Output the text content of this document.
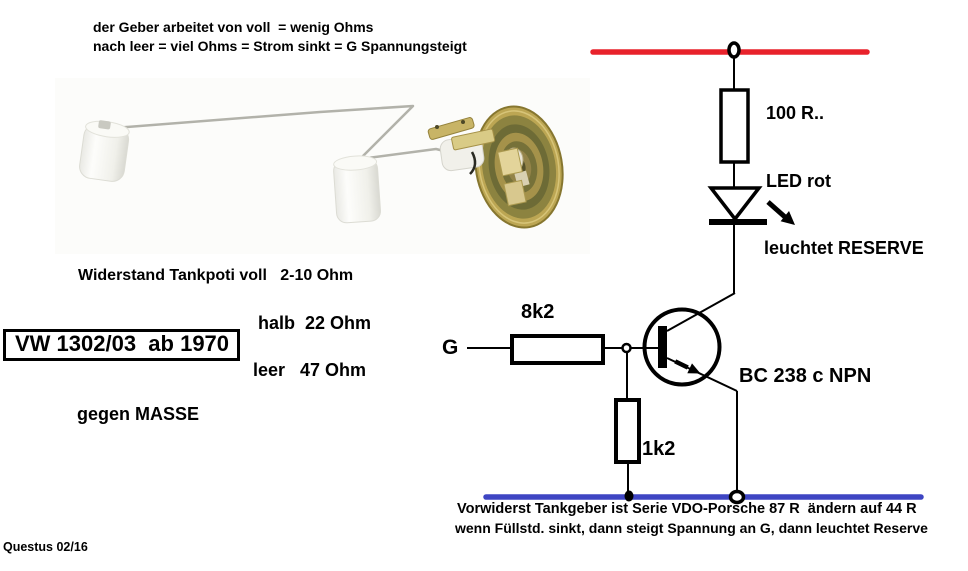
der Geber arbeitet von voll  = wenig Ohms
nach leer = viel Ohms = Strom sinkt = G Spannungsteigt
Widerstand Tankpoti voll   2-10 Ohm
halb  22 Ohm
leer   47 Ohm
gegen MASSE
VW 1302/03  ab 1970
100 R..
LED rot
leuchtet RESERVE
8k2
G
1k2
BC 238 c NPN
Vorwiderst Tankgeber ist Serie VDO-Porsche 87 R  ändern auf 44 R
wenn Füllstd. sinkt, dann steigt Spannung an G, dann leuchtet Reserve
Questus 02/16
